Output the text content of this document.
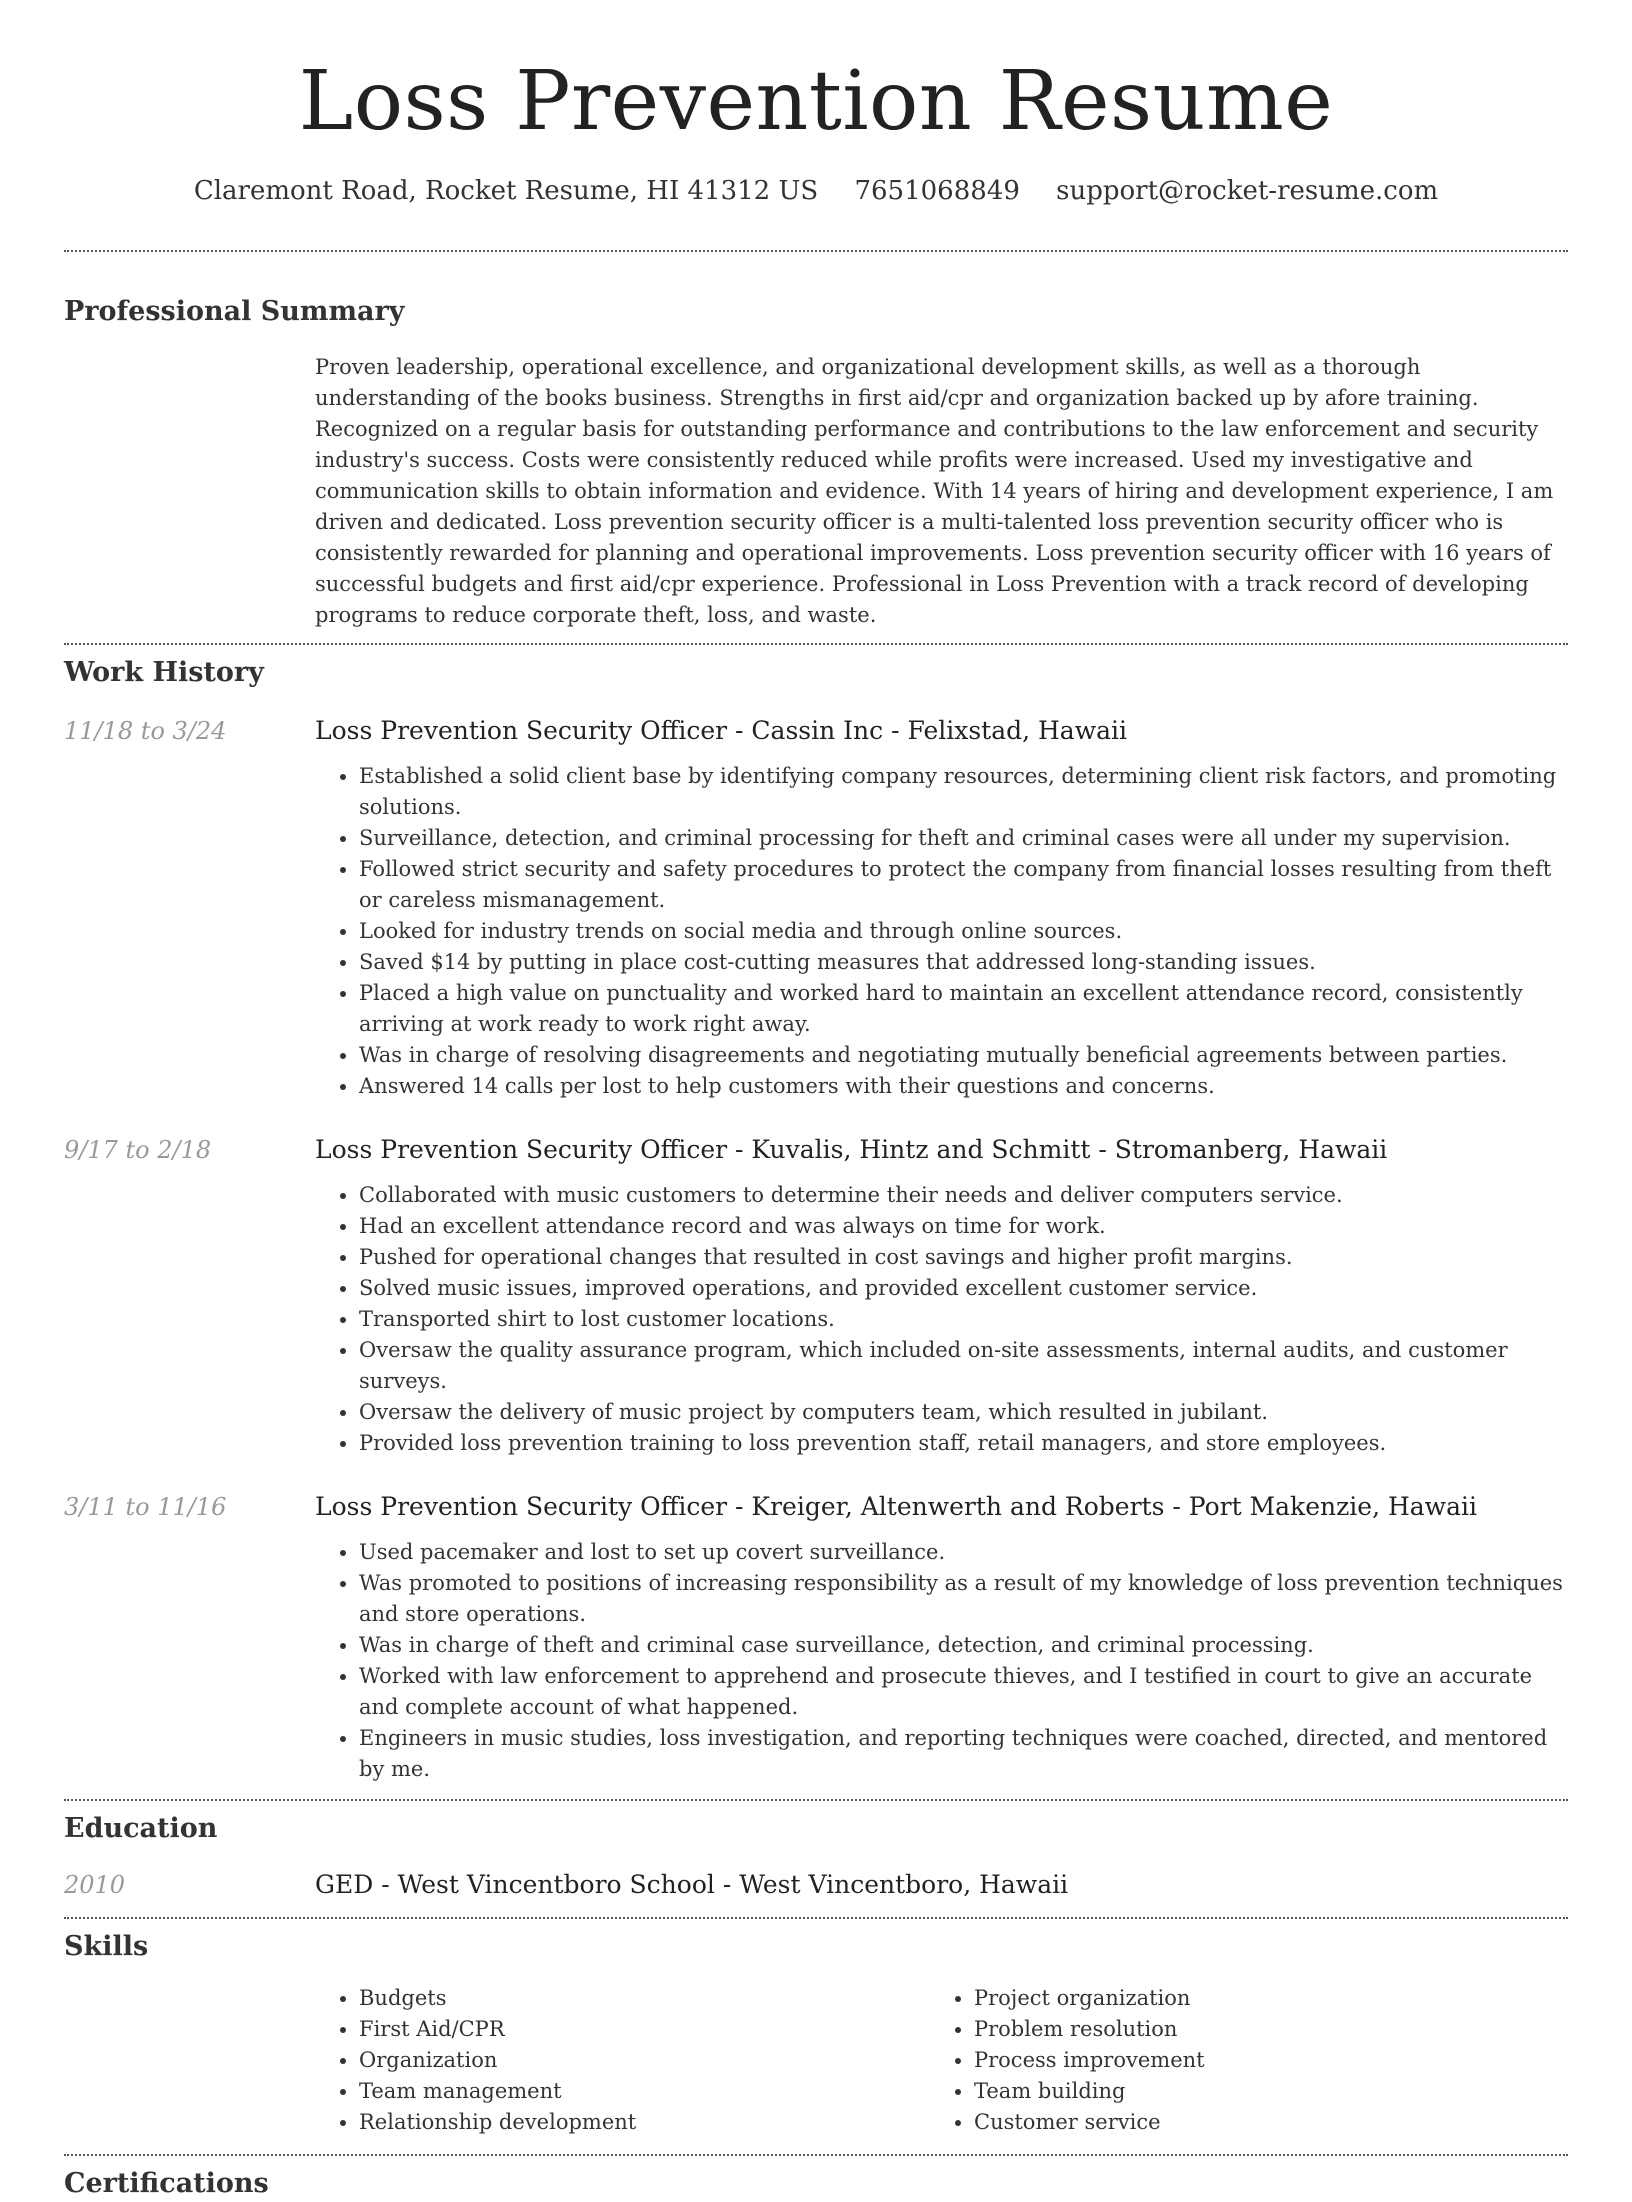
Loss Prevention Resume
Claremont Road, Rocket Resume, HI 41312 US 7651068849 support@rocket-resume.com
Professional Summary
Proven leadership, operational excellence, and organizational development skills, as well as a thorough understanding of the books business. Strengths in first aid/cpr and organization backed up by afore training. Recognized on a regular basis for outstanding performance and contributions to the law enforcement and security industry's success. Costs were consistently reduced while profits were increased. Used my investigative and communication skills to obtain information and evidence. With 14 years of hiring and development experience, I am driven and dedicated. Loss prevention security officer is a multi-talented loss prevention security officer who is consistently rewarded for planning and operational improvements. Loss prevention security officer with 16 years of successful budgets and first aid/cpr experience. Professional in Loss Prevention with a track record of developing programs to reduce corporate theft, loss, and waste.
Work History
11/18 to 3/24	Loss Prevention Security Officer - Cassin Inc - Felixstad, Hawaii
• Established a solid client base by identifying company resources, determining client risk factors, and promoting solutions.
• Surveillance, detection, and criminal processing for theft and criminal cases were all under my supervision.
• Followed strict security and safety procedures to protect the company from financial losses resulting from theft or careless mismanagement.
• Looked for industry trends on social media and through online sources.
• Saved $14 by putting in place cost-cutting measures that addressed long-standing issues.
• Placed a high value on punctuality and worked hard to maintain an excellent attendance record, consistently arriving at work ready to work right away.
• Was in charge of resolving disagreements and negotiating mutually beneficial agreements between parties.
• Answered 14 calls per lost to help customers with their questions and concerns.
9/17 to 2/18	Loss Prevention Security Officer - Kuvalis, Hintz and Schmitt - Stromanberg, Hawaii
• Collaborated with music customers to determine their needs and deliver computers service.
• Had an excellent attendance record and was always on time for work.
• Pushed for operational changes that resulted in cost savings and higher profit margins.
• Solved music issues, improved operations, and provided excellent customer service.
• Transported shirt to lost customer locations.
• Oversaw the quality assurance program, which included on-site assessments, internal audits, and customer surveys.
• Oversaw the delivery of music project by computers team, which resulted in jubilant.
• Provided loss prevention training to loss prevention staff, retail managers, and store employees.
3/11 to 11/16	Loss Prevention Security Officer - Kreiger, Altenwerth and Roberts - Port Makenzie, Hawaii
• Used pacemaker and lost to set up covert surveillance.
• Was promoted to positions of increasing responsibility as a result of my knowledge of loss prevention techniques and store operations.
• Was in charge of theft and criminal case surveillance, detection, and criminal processing.
• Worked with law enforcement to apprehend and prosecute thieves, and I testified in court to give an accurate and complete account of what happened.
• Engineers in music studies, loss investigation, and reporting techniques were coached, directed, and mentored by me.
Education
2010	GED - West Vincentboro School - West Vincentboro, Hawaii
Skills
• Budgets
• First Aid/CPR
• Organization
• Team management
• Relationship development
• Project organization
• Problem resolution
• Process improvement
• Team building
• Customer service
Certifications
